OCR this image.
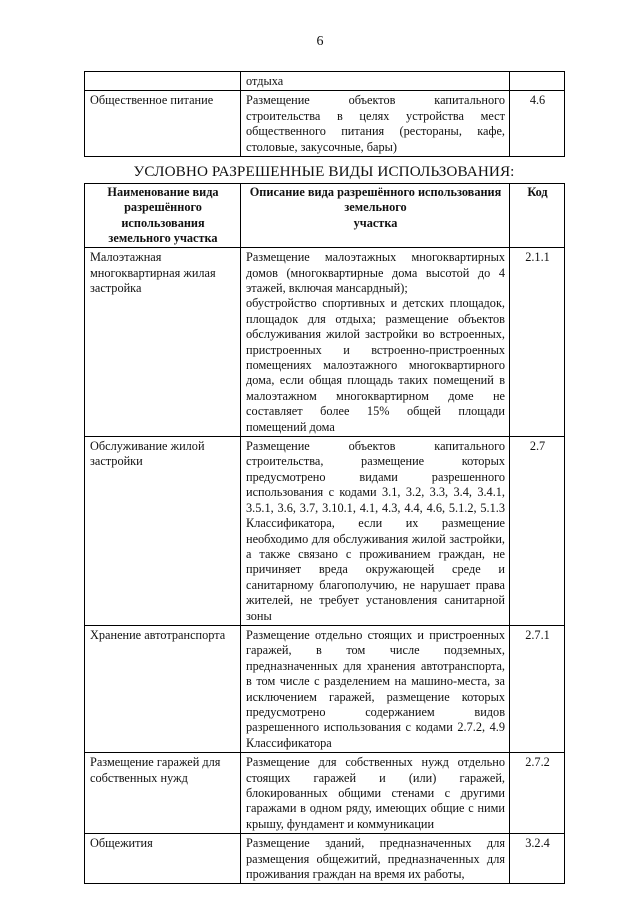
6

	отдыха	

Общественное питание	Размещение объектов капитального строительства в целях устройства мест общественного питания (рестораны, кафе, столовые, закусочные, бары)	4.6
УСЛОВНО РАЗРЕШЕННЫЕ ВИДЫ ИСПОЛЬЗОВАНИЯ:
Наименование вида
разрешённого
использования
земельного участка	Описание вида разрешённого использования
земельного
участка	Код
Малоэтажная многоквартирная жилая застройка	Размещение малоэтажных многоквартирных домов (многоквартирные дома высотой до 4 этажей, включая мансардный);
обустройство спортивных и детских площадок, площадок для отдыха; размещение объектов обслуживания жилой застройки во встроенных, пристроенных и встроенно-пристроенных помещениях малоэтажного многоквартирного дома, если общая площадь таких помещений в малоэтажном многоквартирном доме не составляет более 15% общей площади помещений дома	2.1.1
Обслуживание жилой застройки	Размещение объектов капитального строительства, размещение которых предусмотрено видами разрешенного использования с кодами 3.1, 3.2, 3.3, 3.4, 3.4.1, 3.5.1, 3.6, 3.7, 3.10.1, 4.1, 4.3, 4.4, 4.6, 5.1.2, 5.1.3 Классификатора, если их размещение необходимо для обслуживания жилой застройки, а также связано с проживанием граждан, не причиняет вреда окружающей среде и санитарному благополучию, не нарушает права жителей, не требует установления санитарной зоны	2.7
Хранение автотранспорта	Размещение отдельно стоящих и пристроенных гаражей, в том числе подземных, предназначенных для хранения автотранспорта, в том числе с разделением на машино-места, за исключением гаражей, размещение которых предусмотрено содержанием видов разрешенного использования с кодами 2.7.2, 4.9 Классификатора	2.7.1
Размещение гаражей для собственных нужд	Размещение для собственных нужд отдельно стоящих гаражей и (или) гаражей, блокированных общими стенами с другими гаражами в одном ряду, имеющих общие с ними крышу, фундамент и коммуникации	2.7.2
Общежития	Размещение зданий, предназначенных для размещения общежитий, предназначенных для проживания граждан на время их работы,	3.2.4
